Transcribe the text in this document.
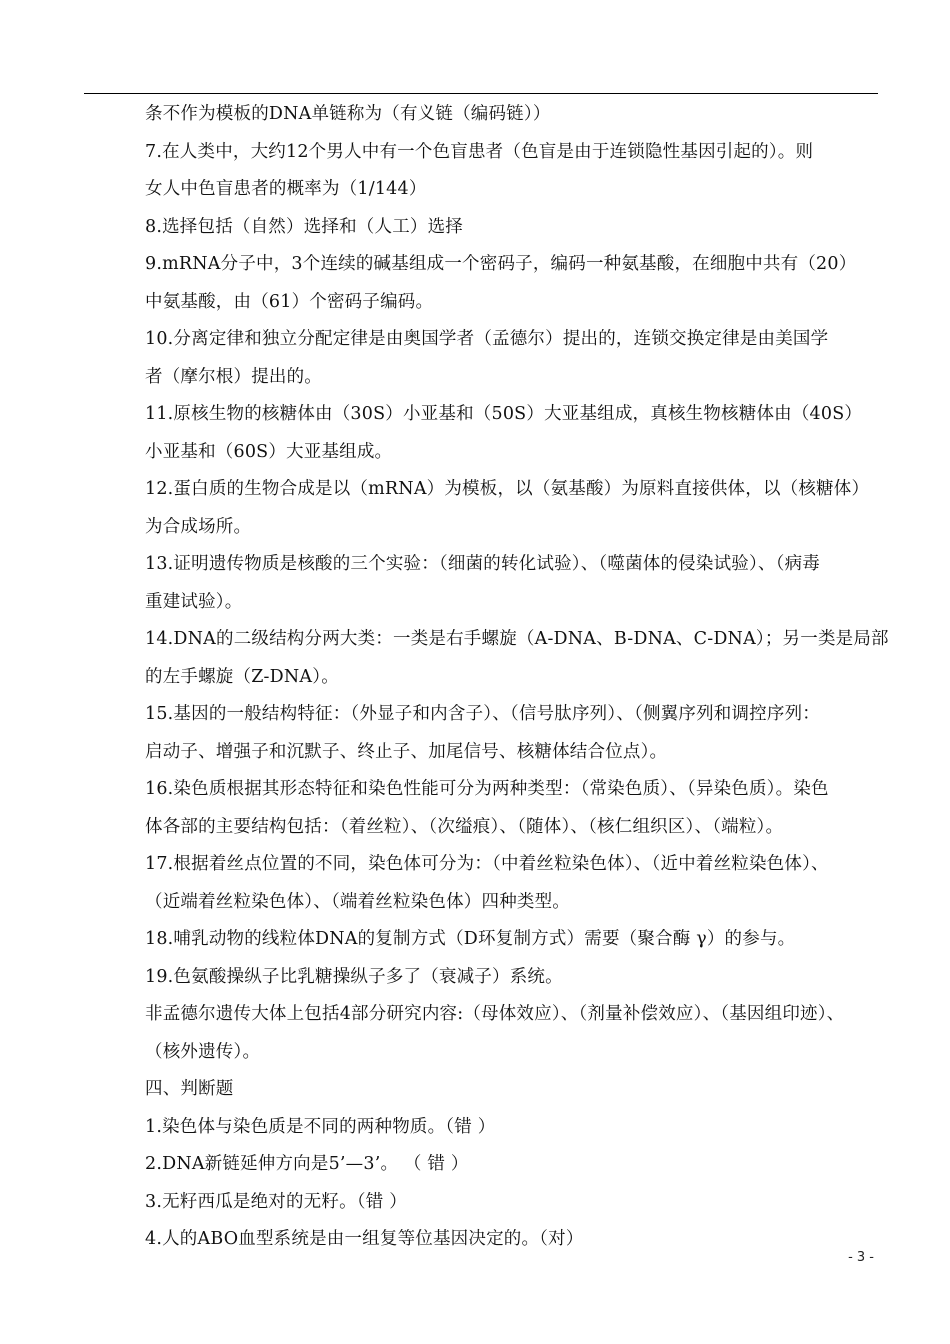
条不作为模板的DNA单链称为（有义链（编码链））
7.在人类中，大约12个男人中有一个色盲患者（色盲是由于连锁隐性基因引起的）。则
女人中色盲患者的概率为（1/144）
8.选择包括（自然）选择和（人工）选择
9.mRNA分子中，3个连续的碱基组成一个密码子，编码一种氨基酸，在细胞中共有（20）
中氨基酸，由（61）个密码子编码。
10.分离定律和独立分配定律是由奥国学者（孟德尔）提出的，连锁交换定律是由美国学
者（摩尔根）提出的。
11.原核生物的核糖体由（30S）小亚基和（50S）大亚基组成，真核生物核糖体由（40S）
小亚基和（60S）大亚基组成。
12.蛋白质的生物合成是以（mRNA）为模板，以（氨基酸）为原料直接供体，以（核糖体）
为合成场所。
13.证明遗传物质是核酸的三个实验：（细菌的转化试验）、（噬菌体的侵染试验）、（病毒
重建试验）。
14.DNA的二级结构分两大类：一类是右手螺旋（A-DNA、B-DNA、C-DNA）；另一类是局部
的左手螺旋（Z-DNA）。
15.基因的一般结构特征：（外显子和内含子）、（信号肽序列）、（侧翼序列和调控序列：
启动子、增强子和沉默子、终止子、加尾信号、核糖体结合位点）。
16.染色质根据其形态特征和染色性能可分为两种类型：（常染色质）、（异染色质）。染色
体各部的主要结构包括：（着丝粒）、（次缢痕）、（随体）、（核仁组织区）、（端粒）。
17.根据着丝点位置的不同，染色体可分为：（中着丝粒染色体）、（近中着丝粒染色体）、
（近端着丝粒染色体）、（端着丝粒染色体）四种类型。
18.哺乳动物的线粒体DNA的复制方式（D环复制方式）需要（聚合酶 γ）的参与。
19.色氨酸操纵子比乳糖操纵子多了（衰减子）系统。
非孟德尔遗传大体上包括4部分研究内容:（母体效应）、（剂量补偿效应）、（基因组印迹）、
（核外遗传）。
四、判断题
1.染色体与染色质是不同的两种物质。（错 ）
2.DNA新链延伸方向是5’—3’。 （ 错 ）
3.无籽西瓜是绝对的无籽。（错 ）
4.人的ABO血型系统是由一组复等位基因决定的。（对）
- 3 -
